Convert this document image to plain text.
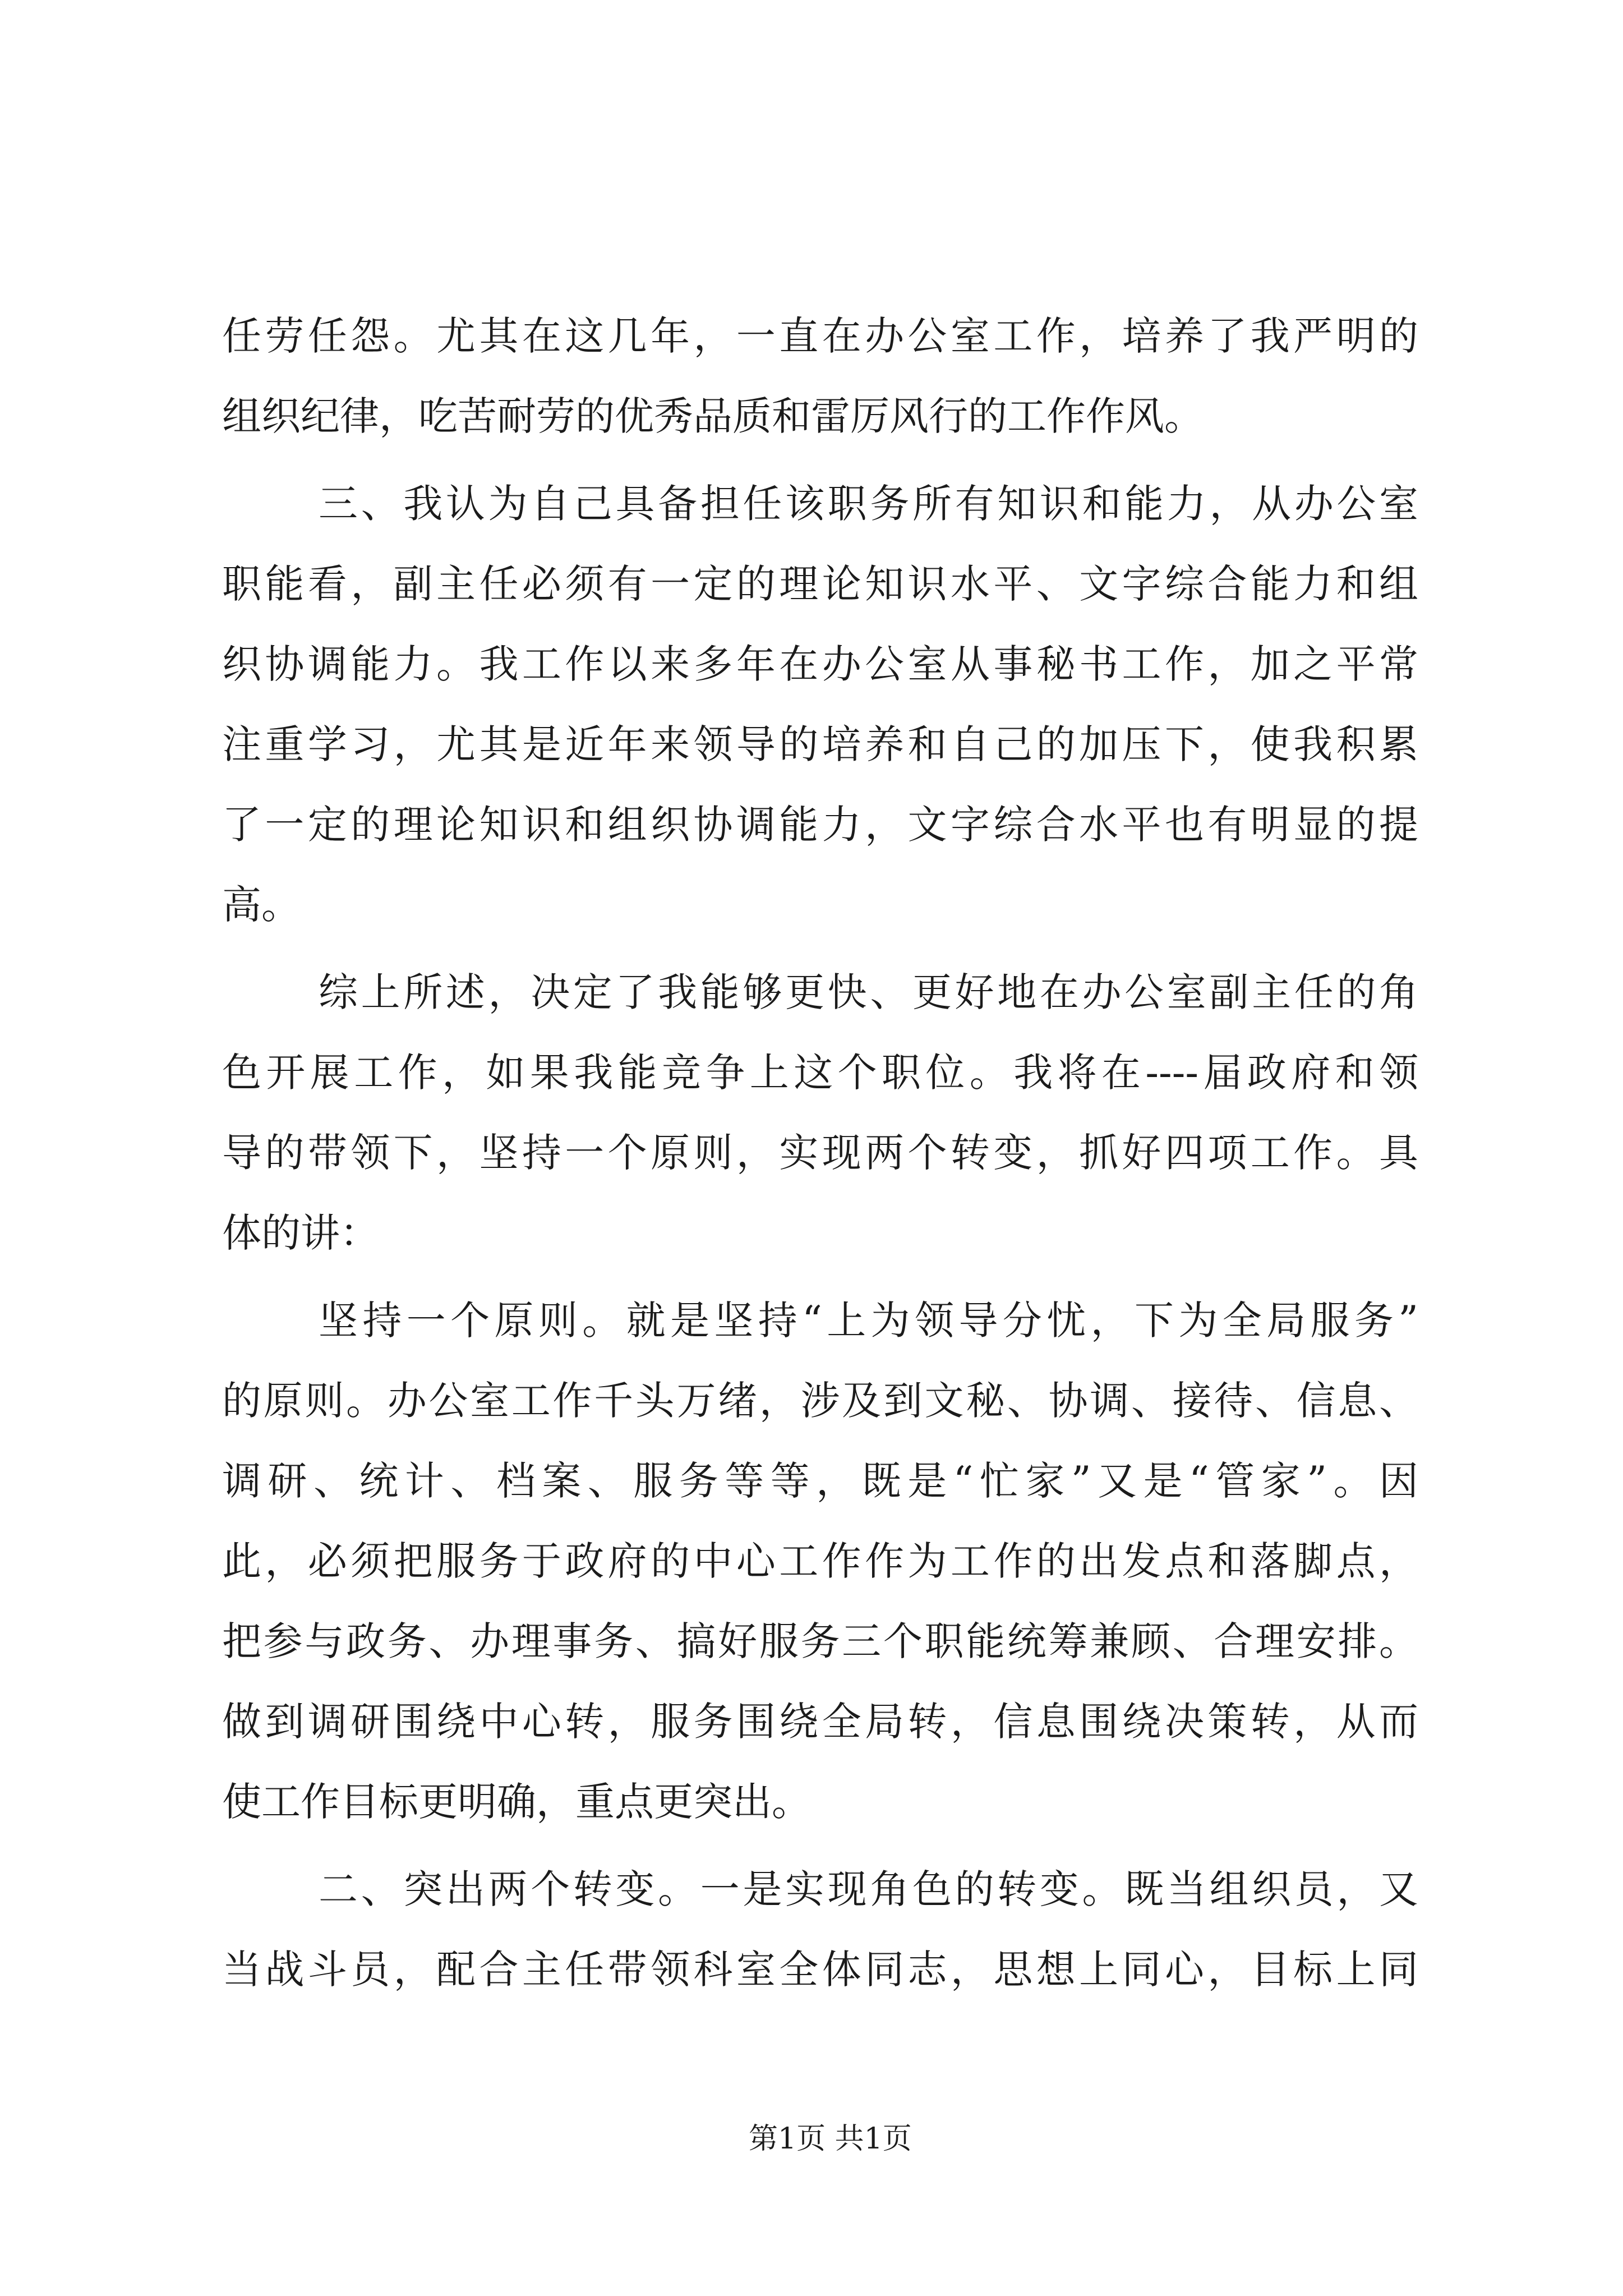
任劳任怨。尤其在这几年，一直在办公室工作，培养了我严明的
组织纪律，吃苦耐劳的优秀品质和雷厉风行的工作作风。
三、我认为自己具备担任该职务所有知识和能力，从办公室
职能看，副主任必须有一定的理论知识水平、文字综合能力和组
织协调能力。我工作以来多年在办公室从事秘书工作，加之平常
注重学习，尤其是近年来领导的培养和自己的加压下，使我积累
了一定的理论知识和组织协调能力，文字综合水平也有明显的提
高。
综上所述，决定了我能够更快、更好地在办公室副主任的角
色开展工作，如果我能竞争上这个职位。我将在----届政府和领
导的带领下，坚持一个原则，实现两个转变，抓好四项工作。具
体的讲：
坚持一个原则。就是坚持“上为领导分忧，下为全局服务”
的原则。办公室工作千头万绪，涉及到文秘、协调、接待、信息、
调研、统计、档案、服务等等，既是“忙家”又是“管家”。因
此，必须把服务于政府的中心工作作为工作的出发点和落脚点，
把参与政务、办理事务、搞好服务三个职能统筹兼顾、合理安排。
做到调研围绕中心转，服务围绕全局转，信息围绕决策转，从而
使工作目标更明确，重点更突出。
二、突出两个转变。一是实现角色的转变。既当组织员，又
当战斗员，配合主任带领科室全体同志，思想上同心，目标上同
第1页 共1页
